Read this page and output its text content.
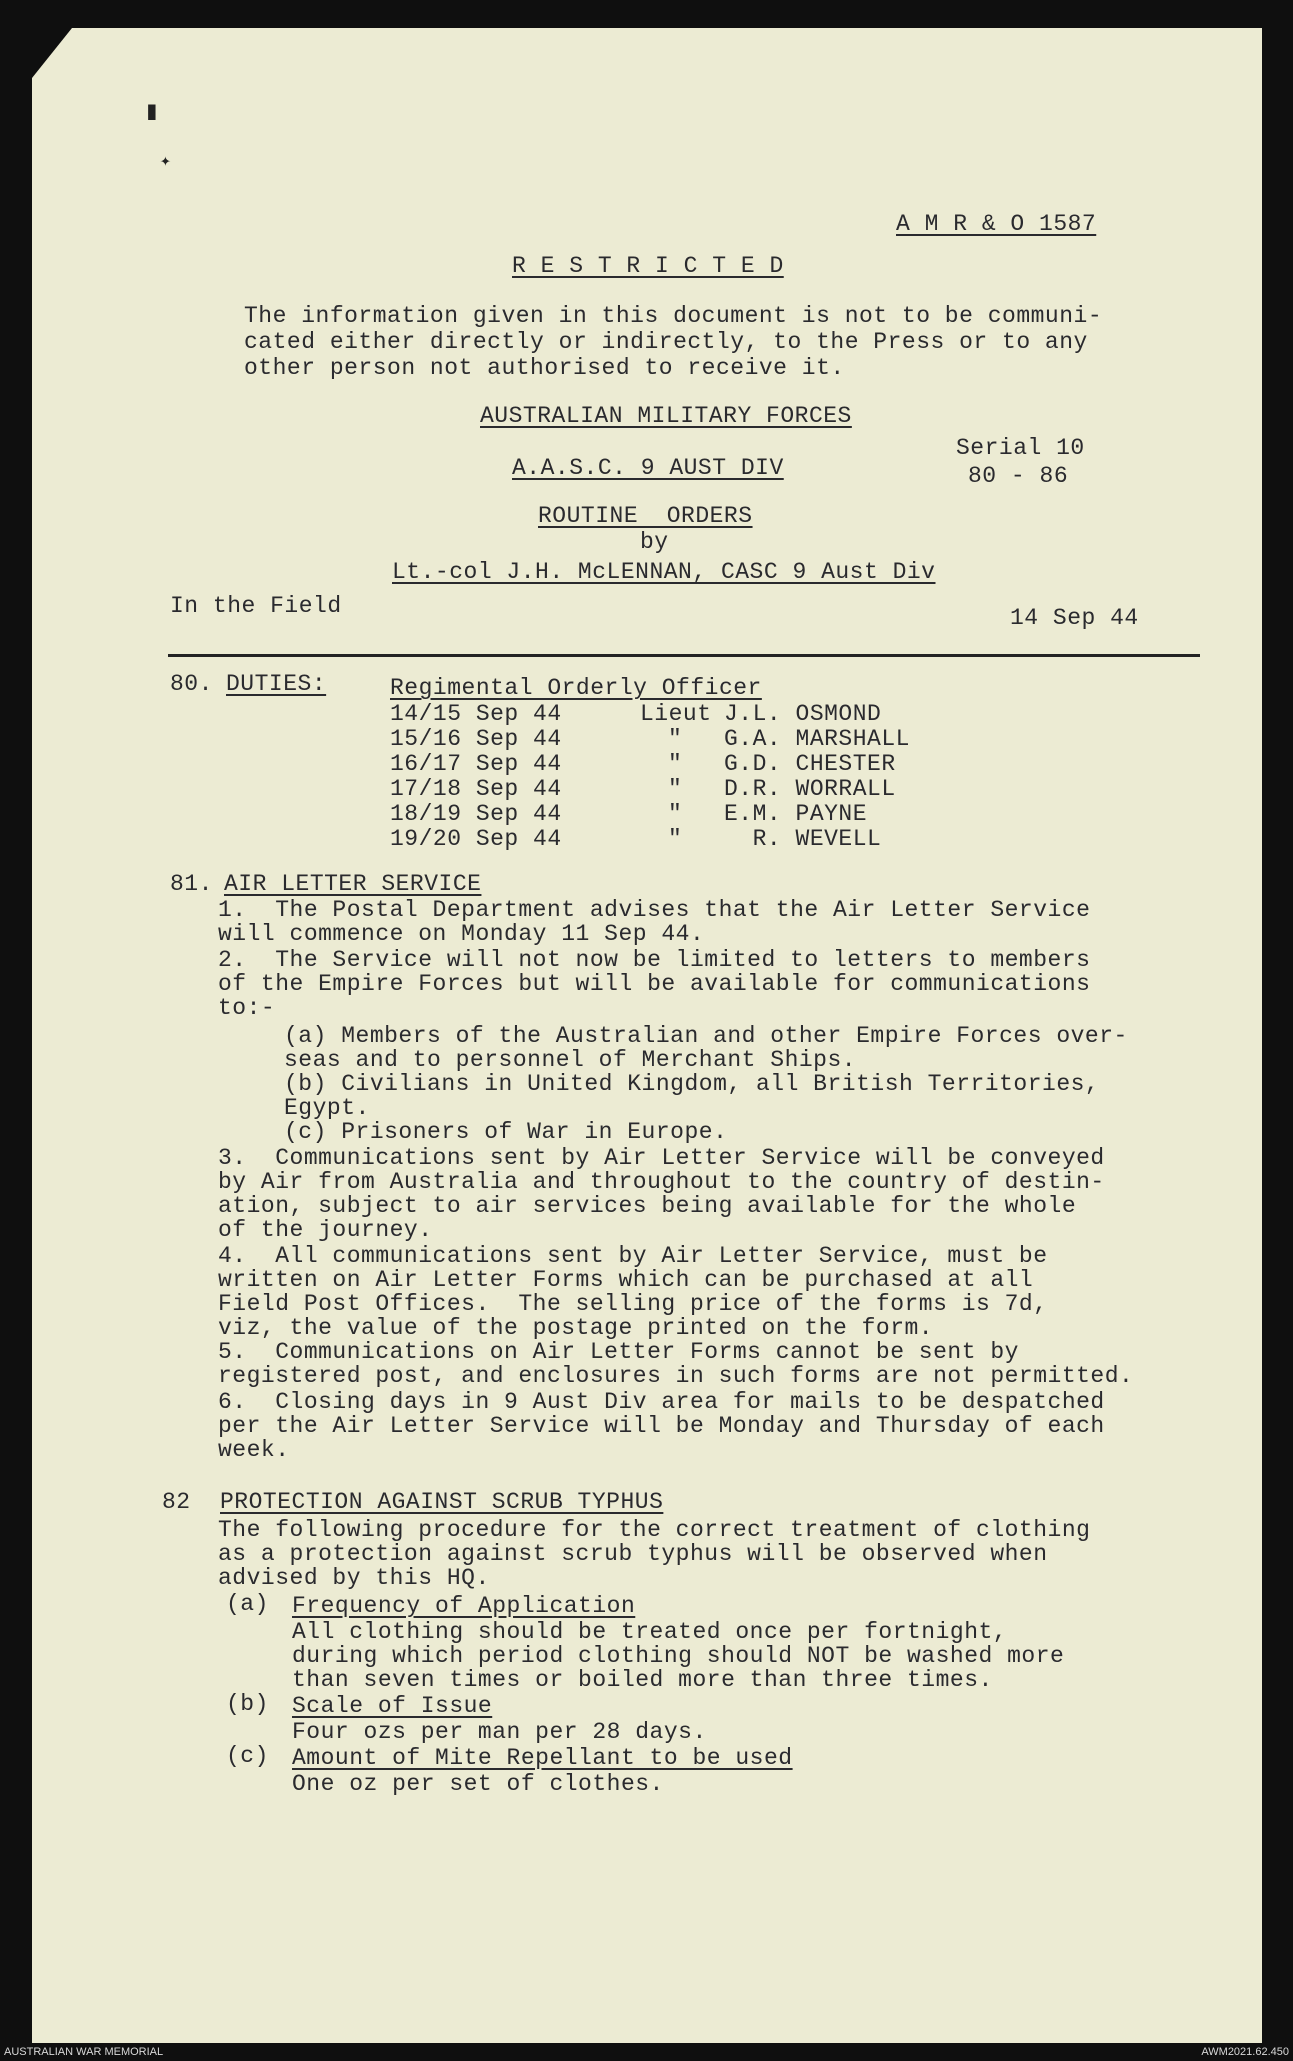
▮
✦
A M R & O 1587
R E S T R I C T E D
The information given in this document is not to be communi-
cated either directly or indirectly, to the Press or to any
other person not authorised to receive it.
AUSTRALIAN MILITARY FORCES
Serial 10
A.A.S.C. 9 AUST DIV	80 - 86
ROUTINE  ORDERS
by
Lt.-col J.H. McLENNAN, CASC 9 Aust Div
In the Field	14 Sep 44
80. DUTIES:	Regimental Orderly Officer
14/15 Sep 44	Lieut J.L. OSMOND
15/16 Sep 44	" G.A. MARSHALL
16/17 Sep 44	" G.D. CHESTER
17/18 Sep 44	" D.R. WORRALL
18/19 Sep 44	" E.M. PAYNE
19/20 Sep 44	" R. WEVELL
81. AIR LETTER SERVICE
1.  The Postal Department advises that the Air Letter Service
will commence on Monday 11 Sep 44.
2.  The Service will not now be limited to letters to members
of the Empire Forces but will be available for communications
to:-
(a) Members of the Australian and other Empire Forces over-
seas and to personnel of Merchant Ships.
(b) Civilians in United Kingdom, all British Territories,
Egypt.
(c) Prisoners of War in Europe.
3.  Communications sent by Air Letter Service will be conveyed
by Air from Australia and throughout to the country of destin-
ation, subject to air services being available for the whole
of the journey.
4.  All communications sent by Air Letter Service, must be
written on Air Letter Forms which can be purchased at all
Field Post Offices.  The selling price of the forms is 7d,
viz, the value of the postage printed on the form.
5.  Communications on Air Letter Forms cannot be sent by
registered post, and enclosures in such forms are not permitted.
6.  Closing days in 9 Aust Div area for mails to be despatched
per the Air Letter Service will be Monday and Thursday of each
week.
82 PROTECTION AGAINST SCRUB TYPHUS
The following procedure for the correct treatment of clothing
as a protection against scrub typhus will be observed when
advised by this HQ.
(a) Frequency of Application
All clothing should be treated once per fortnight,
during which period clothing should NOT be washed more
than seven times or boiled more than three times.
(b) Scale of Issue
Four ozs per man per 28 days.
(c) Amount of Mite Repellant to be used
One oz per set of clothes.
AUSTRALIAN WAR MEMORIAL	AWM2021.62.450
